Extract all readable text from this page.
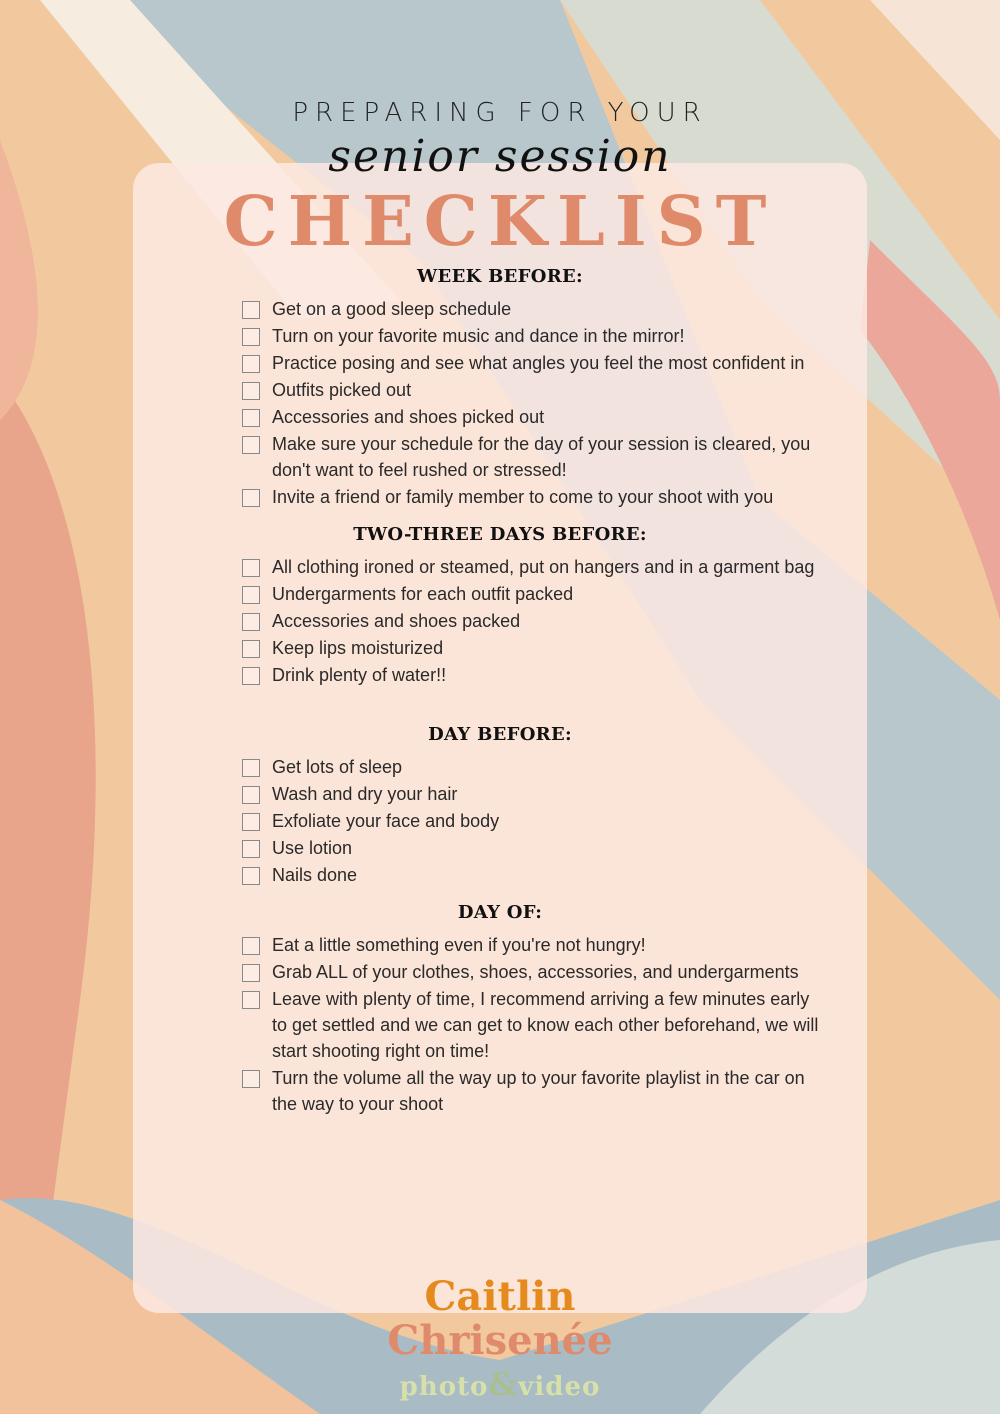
PREPARING FOR YOUR
senior session
CHECKLIST
WEEK BEFORE:
Get on a good sleep schedule
Turn on your favorite music and dance in the mirror!
Practice posing and see what angles you feel the most confident in
Outfits picked out
Accessories and shoes picked out
Make sure your schedule for the day of your session is cleared, you don't want to feel rushed or stressed!
Invite a friend or family member to come to your shoot with you
TWO-THREE DAYS BEFORE:
All clothing ironed or steamed, put on hangers and in a garment bag
Undergarments for each outfit packed
Accessories and shoes packed
Keep lips moisturized
Drink plenty of water!!
DAY BEFORE:
Get lots of sleep
Wash and dry your hair
Exfoliate your face and body
Use lotion
Nails done
DAY OF:
Eat a little something even if you're not hungry!
Grab ALL of your clothes, shoes, accessories, and undergarments
Leave with plenty of time, I recommend arriving a few minutes early to get settled and we can get to know each other beforehand, we will start shooting right on time!
Turn the volume all the way up to your favorite playlist in the car on the way to your shoot
Caitlin
Chrisenée
photo&video
